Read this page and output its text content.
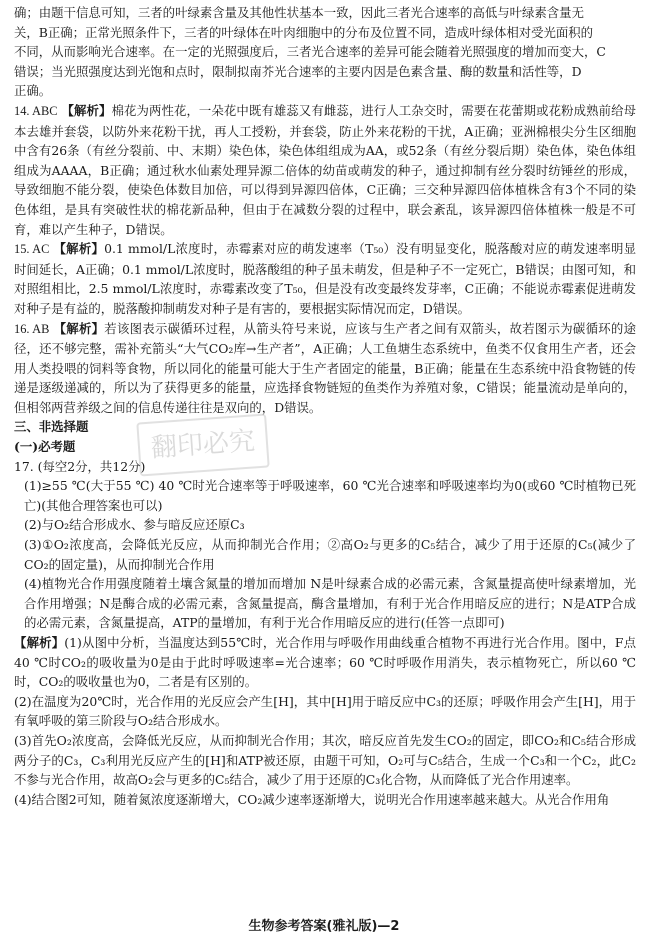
确；由题干信息可知，三者的叶绿素含量及其他性状基本一致，因此三者光合速率的高低与叶绿素含量无

关，B正确；正常光照条件下，三者的叶绿体在叶肉细胞中的分布及位置不同，造成叶绿体相对受光面积的

不同，从而影响光合速率。在一定的光照强度后，三者光合速率的差异可能会随着光照强度的增加而变大，C

错误；当光照强度达到光饱和点时，限制拟南芥光合速率的主要内因是色素含量、酶的数量和活性等，D

正确。

14. ABC 【解析】棉花为两性花，一朵花中既有雄蕊又有雌蕊，进行人工杂交时，需要在花蕾期或花粉成熟前给母本去雄并套袋，以防外来花粉干扰，再人工授粉，并套袋，防止外来花粉的干扰，A正确；亚洲棉根尖分生区细胞中含有26条（有丝分裂前、中、末期）染色体，染色体组组成为AA，或52条（有丝分裂后期）染色体，染色体组组成为AAAA，B正确；通过秋水仙素处理异源二倍体的幼苗或萌发的种子，通过抑制有丝分裂时纺锤丝的形成，导致细胞不能分裂，使染色体数目加倍，可以得到异源四倍体，C正确；三交种异源四倍体植株含有3个不同的染色体组，是具有突破性状的棉花新品种，但由于在减数分裂的过程中，联会紊乱，该异源四倍体植株一般是不可育，难以产生种子，D错误。

15. AC 【解析】0.1 mmol/L浓度时，赤霉素对应的萌发速率（T₅₀）没有明显变化，脱落酸对应的萌发速率明显时间延长，A正确；0.1 mmol/L浓度时，脱落酸组的种子虽未萌发，但是种子不一定死亡，B错误；由图可知，和对照组相比，2.5 mmol/L浓度时，赤霉素改变了T₅₀，但是没有改变最终发芽率，C正确；不能说赤霉素促进萌发对种子是有益的，脱落酸抑制萌发对种子是有害的，要根据实际情况而定，D错误。

16. AB 【解析】若该图表示碳循环过程，从箭头符号来说，应该与生产者之间有双箭头，故若图示为碳循环的途径，还不够完整，需补充箭头“大气CO₂库→生产者”，A正确；人工鱼塘生态系统中，鱼类不仅食用生产者，还会用人类投喂的饲料等食物，所以同化的能量可能大于生产者固定的能量，B正确；能量在生态系统中沿食物链的传递是逐级递减的，所以为了获得更多的能量，应选择食物链短的鱼类作为养殖对象，C错误；能量流动是单向的，但相邻两营养级之间的信息传递往往是双向的，D错误。

三、非选择题

(一)必考题

17. (每空2分，共12分)

(1)≥55 ℃(大于55 ℃) 40 ℃时光合速率等于呼吸速率，60 ℃光合速率和呼吸速率均为0(或60 ℃时植物已死亡)(其他合理答案也可以)

(2)与O₂结合形成水、参与暗反应还原C₃

(3)①O₂浓度高，会降低光反应，从而抑制光合作用；②高O₂与更多的C₅结合，减少了用于还原的C₅(减少了CO₂的固定量)，从而抑制光合作用

(4)植物光合作用强度随着土壤含氮量的增加而增加 N是叶绿素合成的必需元素，含氮量提高使叶绿素增加，光合作用增强；N是酶合成的必需元素，含氮量提高，酶含量增加，有利于光合作用暗反应的进行；N是ATP合成的必需元素，含氮量提高，ATP的量增加，有利于光合作用暗反应的进行(任答一点即可)

【解析】(1)从图中分析，当温度达到55℃时，光合作用与呼吸作用曲线重合植物不再进行光合作用。图中，F点40 ℃时CO₂的吸收量为0是由于此时呼吸速率=光合速率；60 ℃时呼吸作用消失，表示植物死亡，所以60 ℃时，CO₂的吸收量也为0，二者是有区别的。

(2)在温度为20℃时，光合作用的光反应会产生[H]，其中[H]用于暗反应中C₃的还原；呼吸作用会产生[H]，用于有氧呼吸的第三阶段与O₂结合形成水。

(3)首先O₂浓度高，会降低光反应，从而抑制光合作用；其次，暗反应首先发生CO₂的固定，即CO₂和C₅结合形成两分子的C₃，C₃利用光反应产生的[H]和ATP被还原，由题干可知，O₂可与C₅结合，生成一个C₃和一个C₂，此C₂不参与光合作用，故高O₂会与更多的C₅结合，减少了用于还原的C₃化合物，从而降低了光合作用速率。

(4)结合图2可知，随着氮浓度逐渐增大，CO₂减少速率逐渐增大，说明光合作用速率越来越大。从光合作用角

翻印必究
生物参考答案(雅礼版)—2
